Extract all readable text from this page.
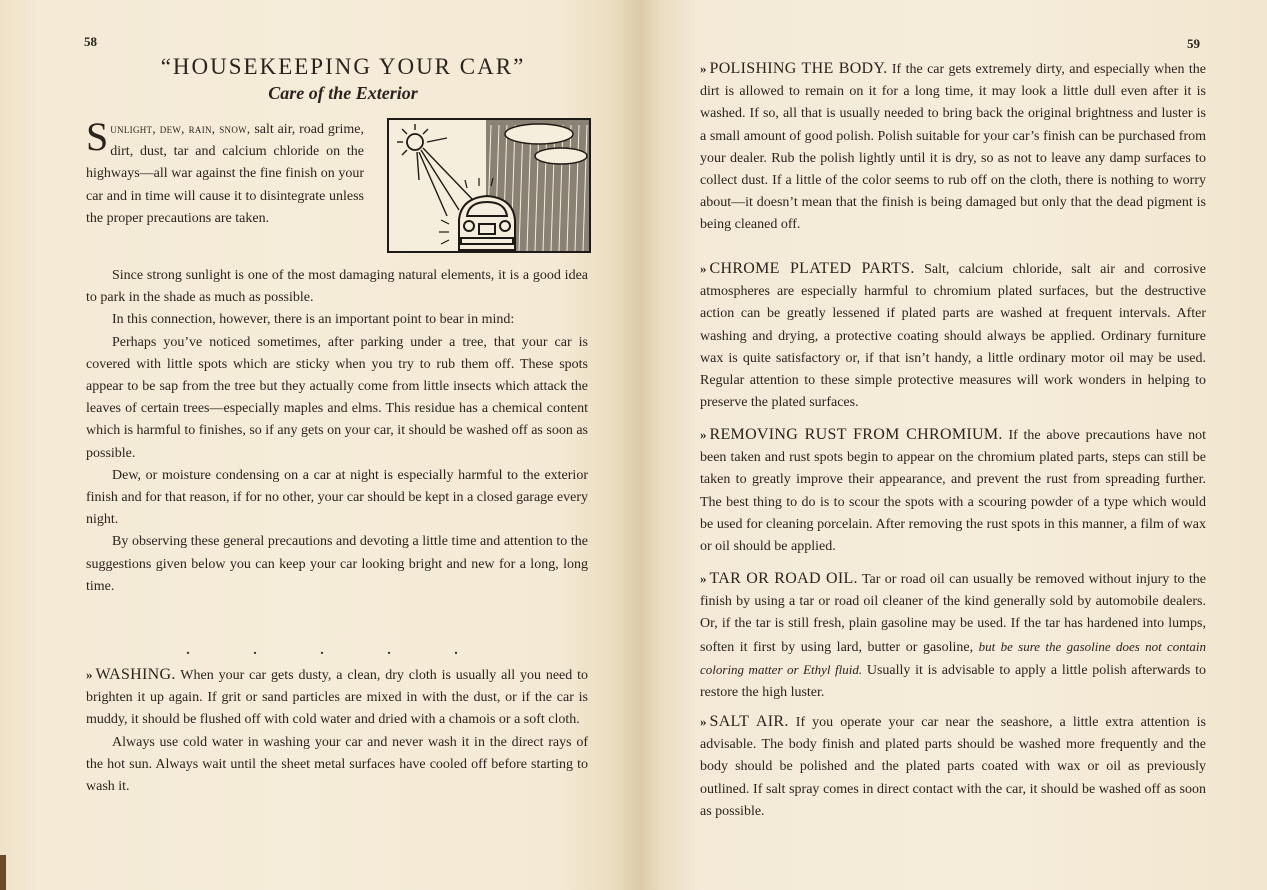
58
“HOUSEKEEPING YOUR CAR”
Care of the Exterior
Sunlight, dew, rain, snow, salt air, road grime, dirt, dust, tar and calcium chloride on the highways—all war against the fine finish on your car and in time will cause it to disintegrate unless the proper precautions are taken.

Since strong sunlight is one of the most damaging natural elements, it is a good idea to park in the shade as much as possible.

In this connection, however, there is an important point to bear in mind:

Perhaps you’ve noticed sometimes, after parking under a tree, that your car is covered with little spots which are sticky when you try to rub them off. These spots appear to be sap from the tree but they actually come from little insects which attack the leaves of certain trees—especially maples and elms. This residue has a chemical content which is harmful to finishes, so if any gets on your car, it should be washed off as soon as possible.

Dew, or moisture condensing on a car at night is especially harmful to the exterior finish and for that reason, if for no other, your car should be kept in a closed garage every night.

By observing these general precautions and devoting a little time and attention to the suggestions given below you can keep your car looking bright and new for a long, long time.

. . . . .

» WASHING. When your car gets dusty, a clean, dry cloth is usually all you need to brighten it up again. If grit or sand particles are mixed in with the dust, or if the car is muddy, it should be flushed off with cold water and dried with a chamois or a soft cloth.

Always use cold water in washing your car and never wash it in the direct rays of the hot sun. Always wait until the sheet metal surfaces have cooled off before starting to wash it.

59

» POLISHING THE BODY. If the car gets extremely dirty, and especially when the dirt is allowed to remain on it for a long time, it may look a little dull even after it is washed. If so, all that is usually needed to bring back the original brightness and luster is a small amount of good polish. Polish suitable for your car’s finish can be purchased from your dealer. Rub the polish lightly until it is dry, so as not to leave any damp surfaces to collect dust. If a little of the color seems to rub off on the cloth, there is nothing to worry about—it doesn’t mean that the finish is being damaged but only that the dead pigment is being cleaned off.

» CHROME PLATED PARTS. Salt, calcium chloride, salt air and corrosive atmospheres are especially harmful to chromium plated surfaces, but the destructive action can be greatly lessened if plated parts are washed at frequent intervals. After washing and drying, a protective coating should always be applied. Ordinary furniture wax is quite satisfactory or, if that isn’t handy, a little ordinary motor oil may be used. Regular attention to these simple protective measures will work wonders in helping to preserve the plated surfaces.

» REMOVING RUST FROM CHROMIUM. If the above precautions have not been taken and rust spots begin to appear on the chromium plated parts, steps can still be taken to greatly improve their appearance, and prevent the rust from spreading further. The best thing to do is to scour the spots with a scouring powder of a type which would be used for cleaning porcelain. After removing the rust spots in this manner, a film of wax or oil should be applied.

» TAR OR ROAD OIL. Tar or road oil can usually be removed without injury to the finish by using a tar or road oil cleaner of the kind generally sold by automobile dealers. Or, if the tar is still fresh, plain gasoline may be used. If the tar has hardened into lumps, soften it first by using lard, butter or gasoline, but be sure the gasoline does not contain coloring matter or Ethyl fluid. Usually it is advisable to apply a little polish afterwards to restore the high luster.

» SALT AIR. If you operate your car near the seashore, a little extra attention is advisable. The body finish and plated parts should be washed more frequently and the body should be polished and the plated parts coated with wax or oil as previously outlined. If salt spray comes in direct contact with the car, it should be washed off as soon as possible.
